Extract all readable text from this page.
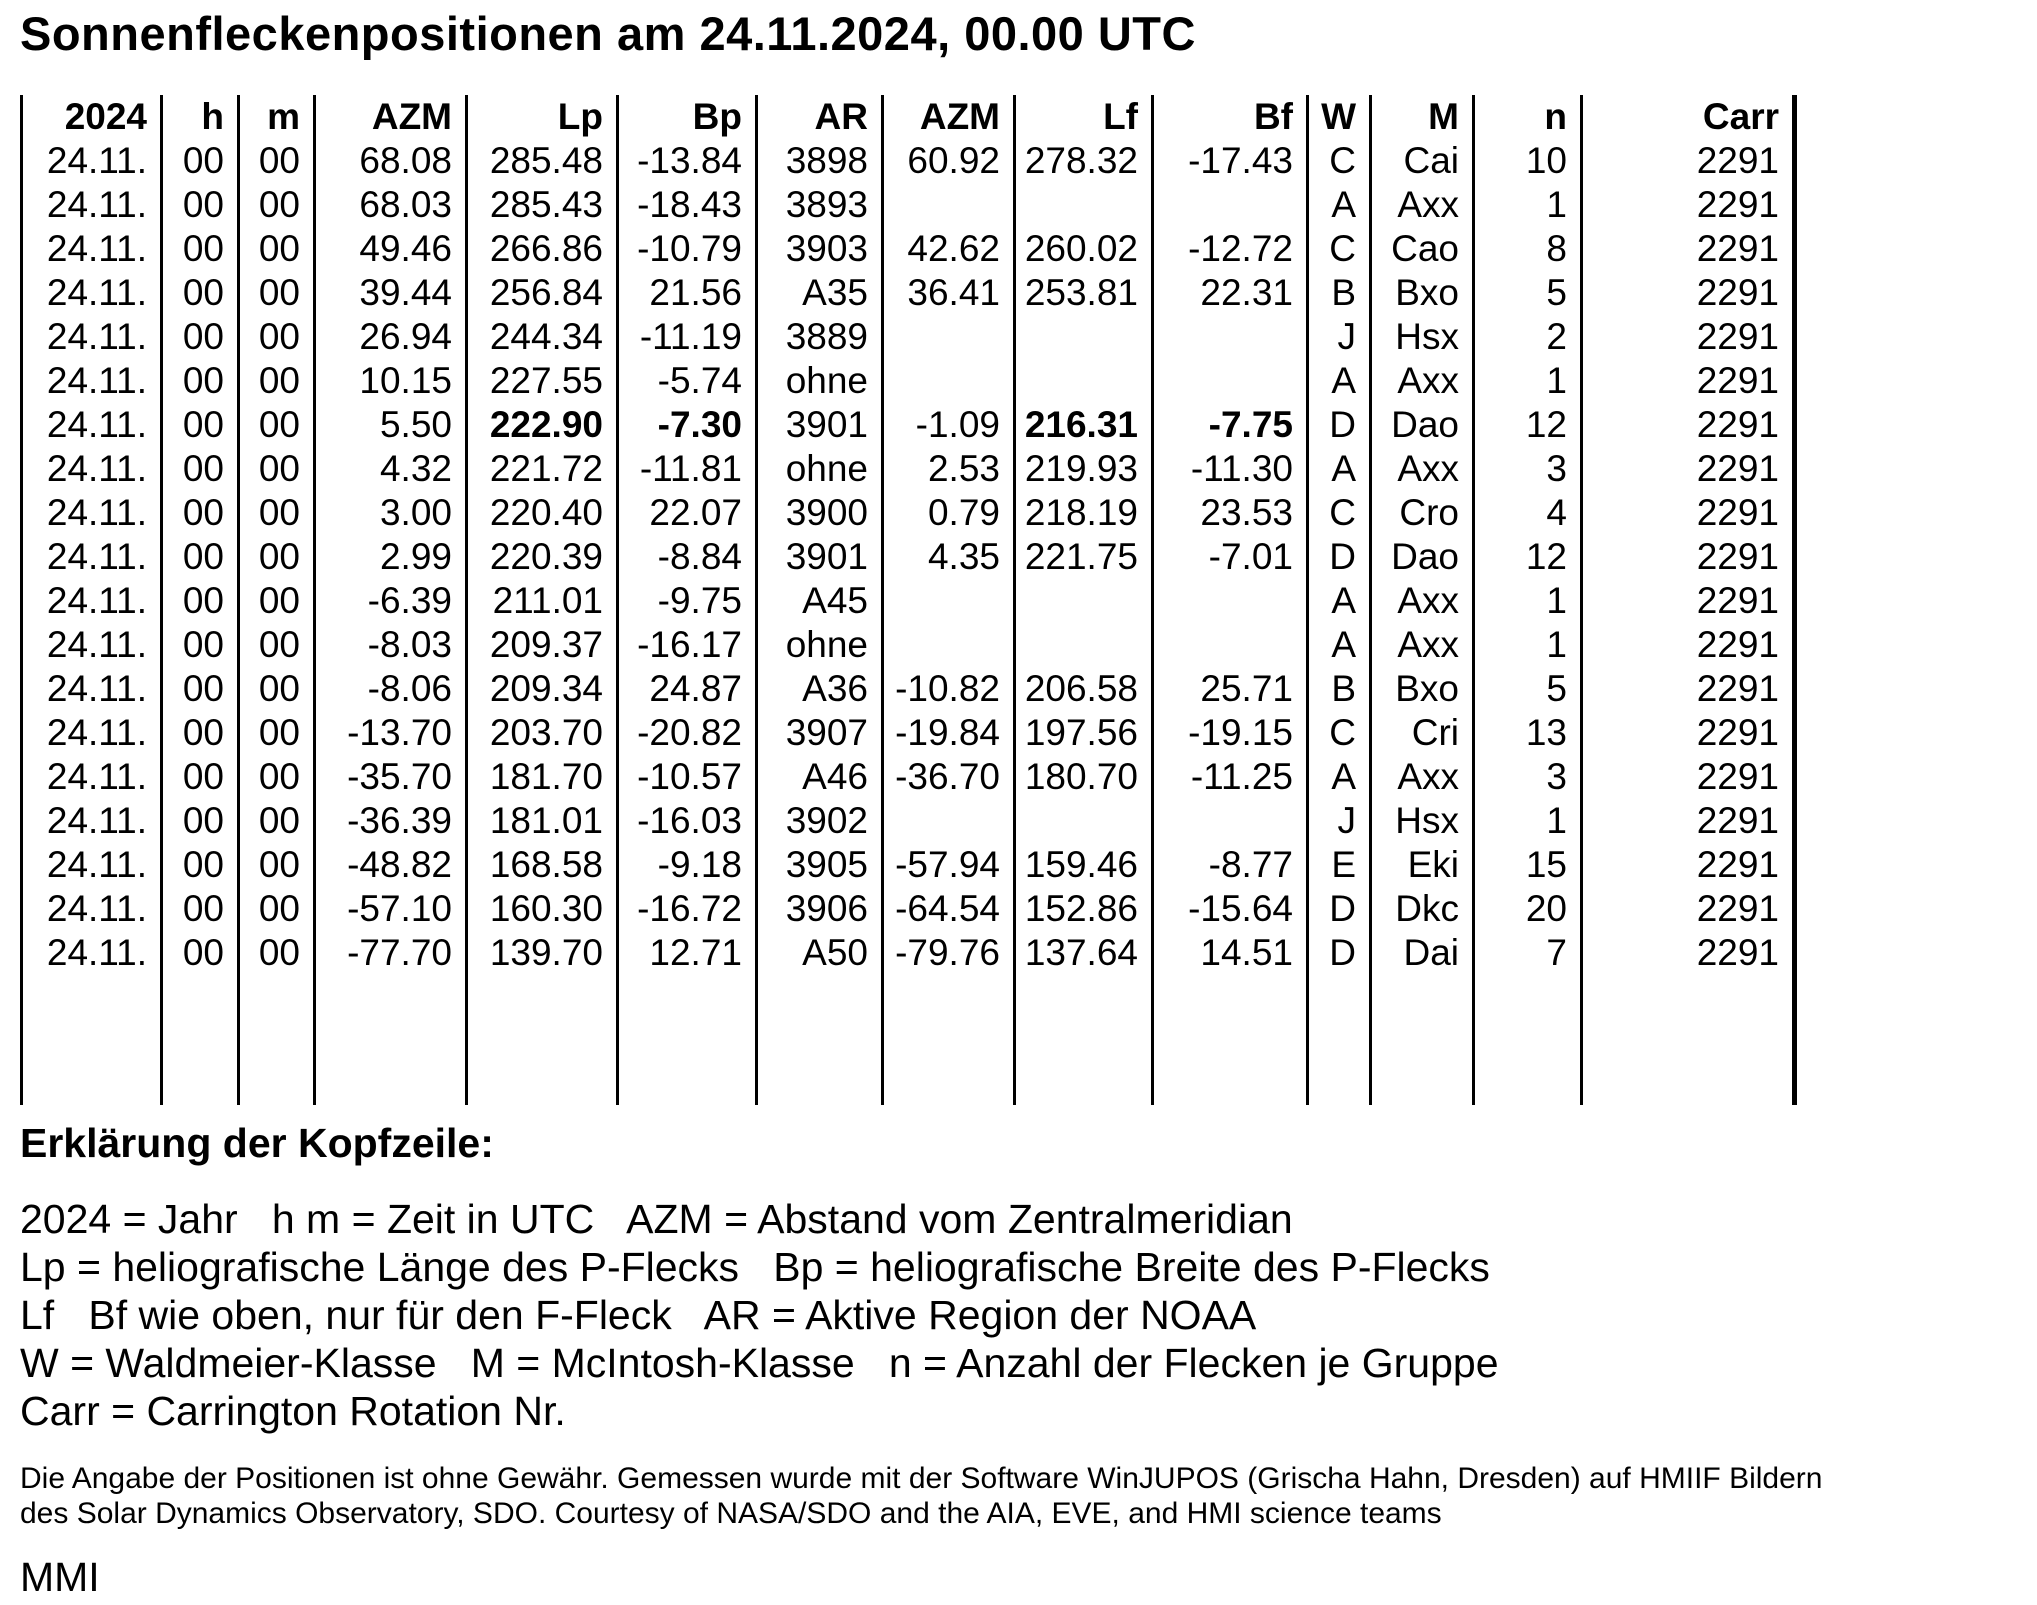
Sonnenfleckenpositionen am 24.11.2024, 00.00 UTC
2024	h	m	AZM	Lp	Bp	AR	AZM	Lf	Bf	W	M	n	Carr
24.11.	00	00	68.08	285.48	-13.84	3898	60.92	278.32	-17.43	C	Cai	10	2291
24.11.	00	00	68.03	285.43	-18.43	3893				A	Axx	1	2291
24.11.	00	00	49.46	266.86	-10.79	3903	42.62	260.02	-12.72	C	Cao	8	2291
24.11.	00	00	39.44	256.84	21.56	A35	36.41	253.81	22.31	B	Bxo	5	2291
24.11.	00	00	26.94	244.34	-11.19	3889				J	Hsx	2	2291
24.11.	00	00	10.15	227.55	-5.74	ohne				A	Axx	1	2291
24.11.	00	00	5.50	222.90	-7.30	3901	-1.09	216.31	-7.75	D	Dao	12	2291
24.11.	00	00	4.32	221.72	-11.81	ohne	2.53	219.93	-11.30	A	Axx	3	2291
24.11.	00	00	3.00	220.40	22.07	3900	0.79	218.19	23.53	C	Cro	4	2291
24.11.	00	00	2.99	220.39	-8.84	3901	4.35	221.75	-7.01	D	Dao	12	2291
24.11.	00	00	-6.39	211.01	-9.75	A45				A	Axx	1	2291
24.11.	00	00	-8.03	209.37	-16.17	ohne				A	Axx	1	2291
24.11.	00	00	-8.06	209.34	24.87	A36	-10.82	206.58	25.71	B	Bxo	5	2291
24.11.	00	00	-13.70	203.70	-20.82	3907	-19.84	197.56	-19.15	C	Cri	13	2291
24.11.	00	00	-35.70	181.70	-10.57	A46	-36.70	180.70	-11.25	A	Axx	3	2291
24.11.	00	00	-36.39	181.01	-16.03	3902				J	Hsx	1	2291
24.11.	00	00	-48.82	168.58	-9.18	3905	-57.94	159.46	-8.77	E	Eki	15	2291
24.11.	00	00	-57.10	160.30	-16.72	3906	-64.54	152.86	-15.64	D	Dkc	20	2291
24.11.	00	00	-77.70	139.70	12.71	A50	-79.76	137.64	14.51	D	Dai	7	2291

Erklärung der Kopfzeile:
2024 = Jahr   h m = Zeit in UTC   AZM = Abstand vom Zentralmeridian
Lp = heliografische Länge des P-Flecks   Bp = heliografische Breite des P-Flecks
Lf   Bf wie oben, nur für den F-Fleck   AR = Aktive Region der NOAA
W = Waldmeier-Klasse   M = McIntosh-Klasse   n = Anzahl der Flecken je Gruppe
Carr = Carrington Rotation Nr.

Die Angabe der Positionen ist ohne Gewähr. Gemessen wurde mit der Software WinJUPOS (Grischa Hahn, Dresden) auf HMIIF Bildern
des Solar Dynamics Observatory, SDO. Courtesy of NASA/SDO and the AIA, EVE, and HMI science teams

MMI
